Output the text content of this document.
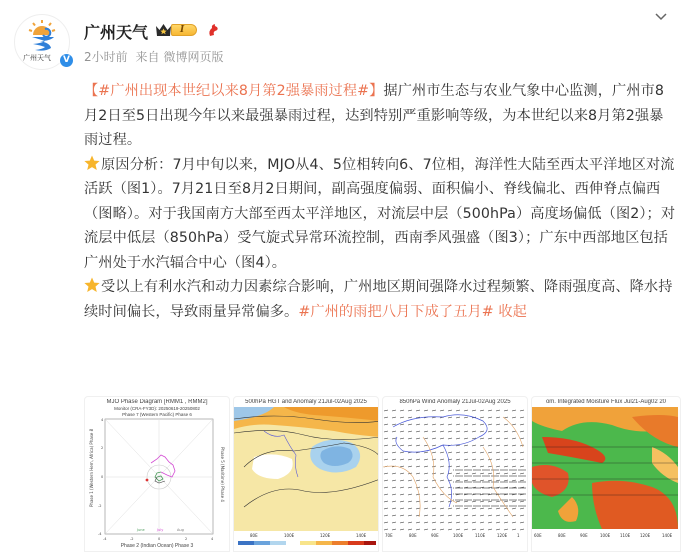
广州天气	V
广州天气	I
2小时前 来自 微博网页版

【#广州出现本世纪以来8月第2强暴雨过程#】据广州市生态与农业气象中心监测，广州市8月2日至5日出现今年以来最强暴雨过程，达到特别严重影响等级，为本世纪以来8月第2强暴雨过程。

原因分析：7月中旬以来，MJO从4、5位相转向6、7位相，海洋性大陆至西太平洋地区对流活跃（图1）。7月21日至8月2日期间，副高强度偏弱、面积偏小、脊线偏北、西伸脊点偏西（图略）。对于我国南方大部至西太平洋地区，对流层中层（500hPa）高度场偏低（图2）；对流层中低层（850hPa）受气旋式异常环流控制，西南季风强盛（图3）；广东中西部地区包括广州处于水汽辐合中心（图4）。

受以上有利水汽和动力因素综合影响，广州地区期间强降水过程频繁、降雨强度高、降水持续时间偏长，导致雨量异常偏多。#广州的雨把八月下成了五月# 收起

MJO Phase Diagram [RMM1 , RMM2]
Monitor (CRA-FY3D): 20250619-20250802
Phase 7 (Western Pacific) Phase 6
June	July	Aug
4
2
0
-2
-4
-4	-2	0	2	4
Phase 1 (Western Hem, Africa) Phase 8	Phase 5 (Maritime) Phase 4
Phase 2 (Indian Ocean) Phase 3
500hPa HGT and Anomaly 21Jul-02Aug 2025
80E	100E	120E	140E
850hPa Wind Anomaly 21Jul-02Aug 2025
70E	80E	90E	100E	110E	120E 1
om. Integrated Moisture Flux Jul21-Aug02 20
60E	80E	90E	100E 110E 120E	140E
